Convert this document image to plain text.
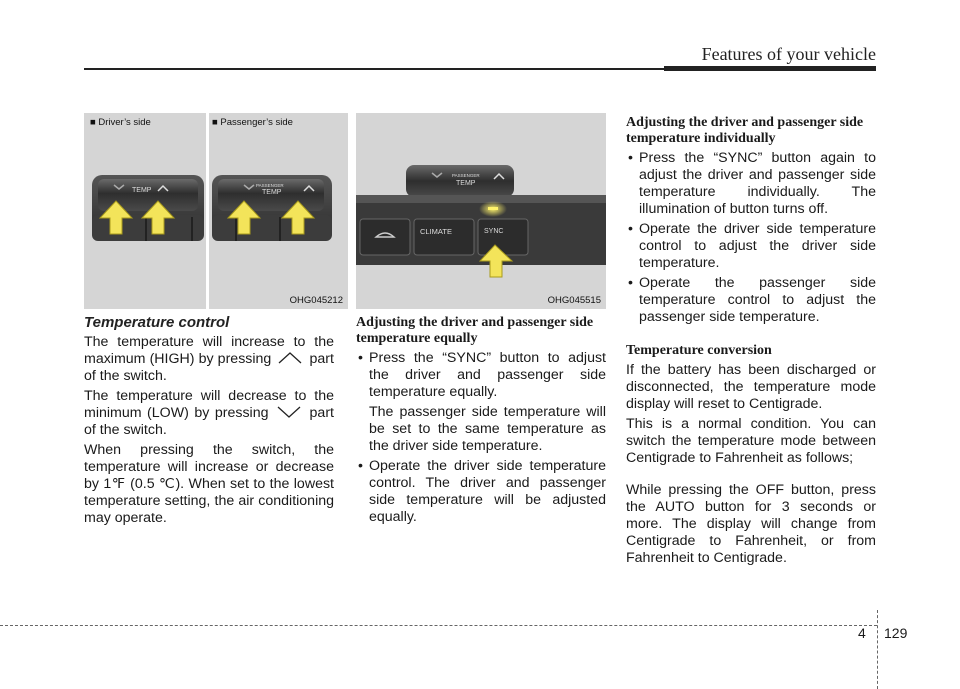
Features of your vehicle
TEMP
PASSENGER
TEMP
■ Driver’s side	■ Passenger’s side
OHG045212
PASSENGER
TEMP
CLIMATE	SYNC
OHG045515
Temperature control

The temperature will increase to the maximum (HIGH) by pressing	part of the switch.

The temperature will decrease to the minimum (LOW) by pressing	part of the switch.

When pressing the switch, the temperature will increase or decrease by 1℉ (0.5 ℃). When set to the lowest temperature setting, the air conditioning may operate.

Adjusting the driver and passenger side temperature equally
• Press the “SYNC” button to adjust the driver and passenger side temperature equally.

The passenger side temperature will be set to the same temperature as the driver side temperature.

• Operate the driver side temperature control. The driver and passenger side temperature will be adjusted equally.
Adjusting the driver and passenger side temperature individually
• Press the “SYNC” button again to adjust the driver and passenger side temperature individually. The illumination of button turns off.
• Operate the driver side temperature control to adjust the driver side temperature.
• Operate the passenger side temperature control to adjust the passenger side temperature.
Temperature conversion

If the battery has been discharged or disconnected, the temperature mode display will reset to Centigrade.

This is a normal condition. You can switch the temperature mode between Centigrade to Fahrenheit as follows;

While pressing the OFF button, press the AUTO button for 3 seconds or more. The display will change from Centigrade to Fahrenheit, or from Fahrenheit to Centigrade.

4 129
